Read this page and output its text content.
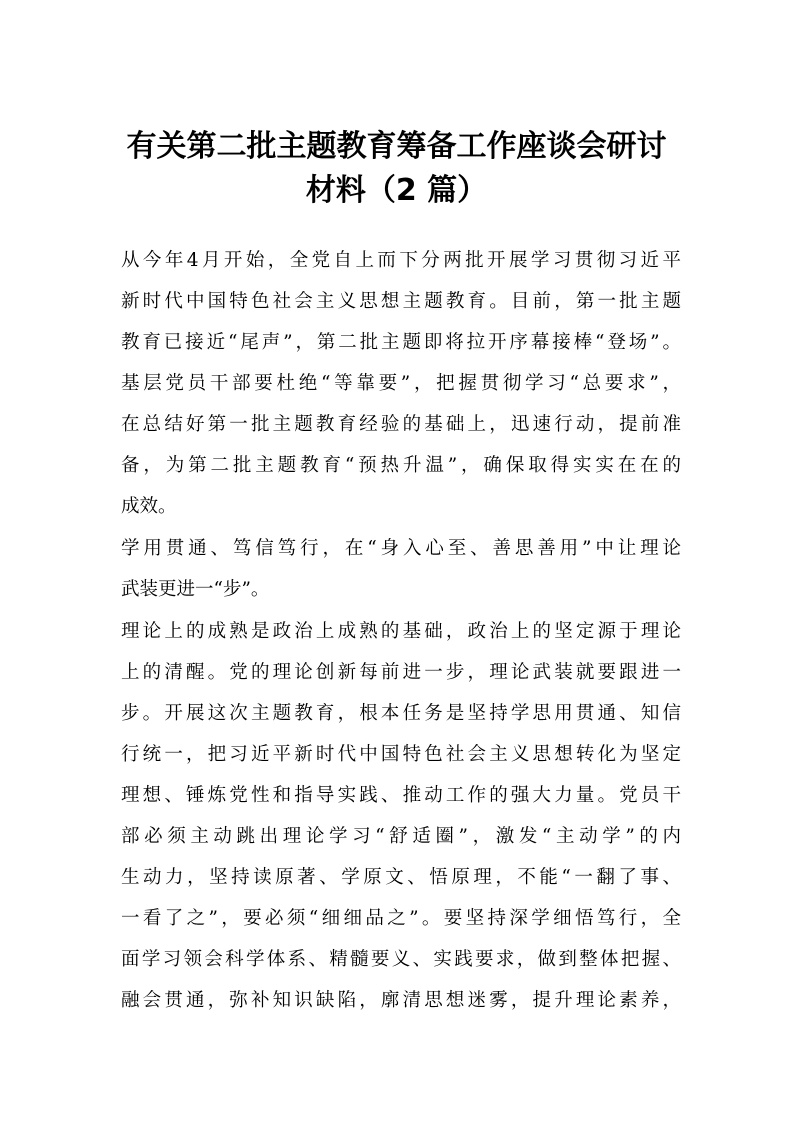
有关第二批主题教育筹备工作座谈会研讨
材料（2 篇）

从今年4月开始，全党自上而下分两批开展学习贯彻习近平

新时代中国特色社会主义思想主题教育。目前，第一批主题

教育已接近“尾声”，第二批主题即将拉开序幕接棒“登场”。

基层党员干部要杜绝“等靠要”，把握贯彻学习“总要求”，

在总结好第一批主题教育经验的基础上，迅速行动，提前准

备，为第二批主题教育“预热升温”，确保取得实实在在的

成效。

学用贯通、笃信笃行，在“身入心至、善思善用”中让理论

武装更进一“步”。

理论上的成熟是政治上成熟的基础，政治上的坚定源于理论

上的清醒。党的理论创新每前进一步，理论武装就要跟进一

步。开展这次主题教育，根本任务是坚持学思用贯通、知信

行统一，把习近平新时代中国特色社会主义思想转化为坚定

理想、锤炼党性和指导实践、推动工作的强大力量。党员干

部必须主动跳出理论学习“舒适圈”，激发“主动学”的内

生动力，坚持读原著、学原文、悟原理，不能“一翻了事、

一看了之”，要必须“细细品之”。要坚持深学细悟笃行，全

面学习领会科学体系、精髓要义、实践要求，做到整体把握、

融会贯通，弥补知识缺陷，廓清思想迷雾，提升理论素养，
